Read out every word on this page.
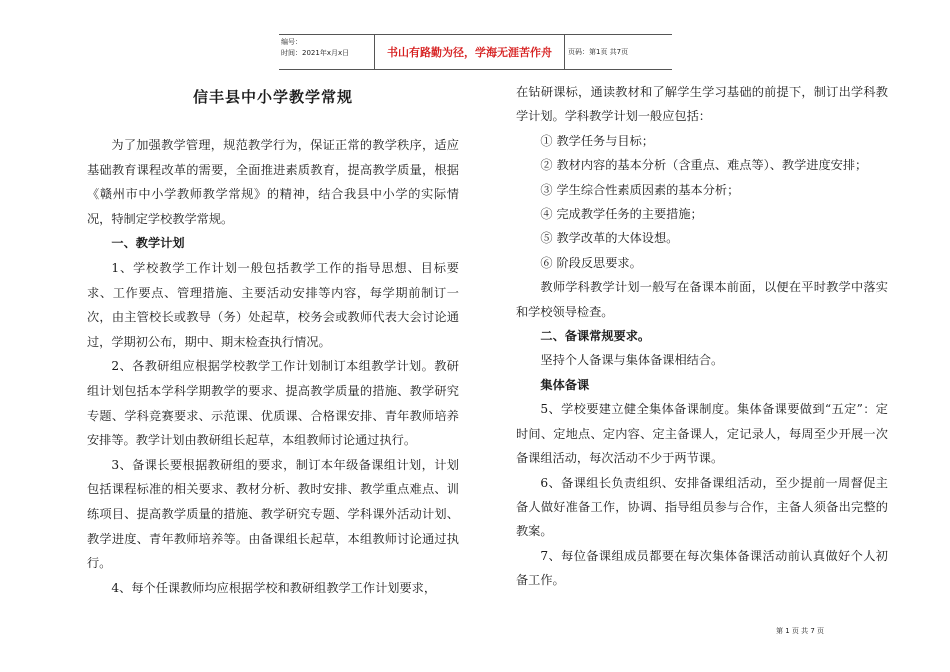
编号：
时间：2021年x月x日	书山有路勤为径，学海无涯苦作舟	页码：第1页 共7页
信丰县中小学教学常规

为了加强教学管理，规范教学行为，保证正常的教学秩序，适应基础教育课程改革的需要，全面推进素质教育，提高教学质量，根据《赣州市中小学教师教学常规》的精神，结合我县中小学的实际情况，特制定学校教学常规。

一、教学计划

1、学校教学工作计划一般包括教学工作的指导思想、目标要求、工作要点、管理措施、主要活动安排等内容，每学期前制订一次，由主管校长或教导（务）处起草，校务会或教师代表大会讨论通过，学期初公布，期中、期末检查执行情况。

2、各教研组应根据学校教学工作计划制订本组教学计划。教研组计划包括本学科学期教学的要求、提高教学质量的措施、教学研究专题、学科竞赛要求、示范课、优质课、合格课安排、青年教师培养安排等。教学计划由教研组长起草，本组教师讨论通过执行。

3、备课长要根据教研组的要求，制订本年级备课组计划，计划包括课程标准的相关要求、教材分析、教时安排、教学重点难点、训练项目、提高教学质量的措施、教学研究专题、学科课外活动计划、教学进度、青年教师培养等。由备课组长起草，本组教师讨论通过执行。

4、每个任课教师均应根据学校和教研组教学工作计划要求，

在钻研课标，通读教材和了解学生学习基础的前提下，制订出学科教学计划。学科教学计划一般应包括：

① 教学任务与目标；

② 教材内容的基本分析（含重点、难点等）、教学进度安排；

③ 学生综合性素质因素的基本分析；

④ 完成教学任务的主要措施；

⑤ 教学改革的大体设想。

⑥ 阶段反思要求。

教师学科教学计划一般写在备课本前面，以便在平时教学中落实和学校领导检查。

二、备课常规要求。

坚持个人备课与集体备课相结合。

集体备课

5、学校要建立健全集体备课制度。集体备课要做到“五定”：定时间、定地点、定内容、定主备课人，定记录人，每周至少开展一次备课组活动，每次活动不少于两节课。

6、备课组长负责组织、安排备课组活动，至少提前一周督促主备人做好准备工作，协调、指导组员参与合作，主备人须备出完整的教案。

7、每位备课组成员都要在每次集体备课活动前认真做好个人初备工作。

第 1 页 共 7 页
